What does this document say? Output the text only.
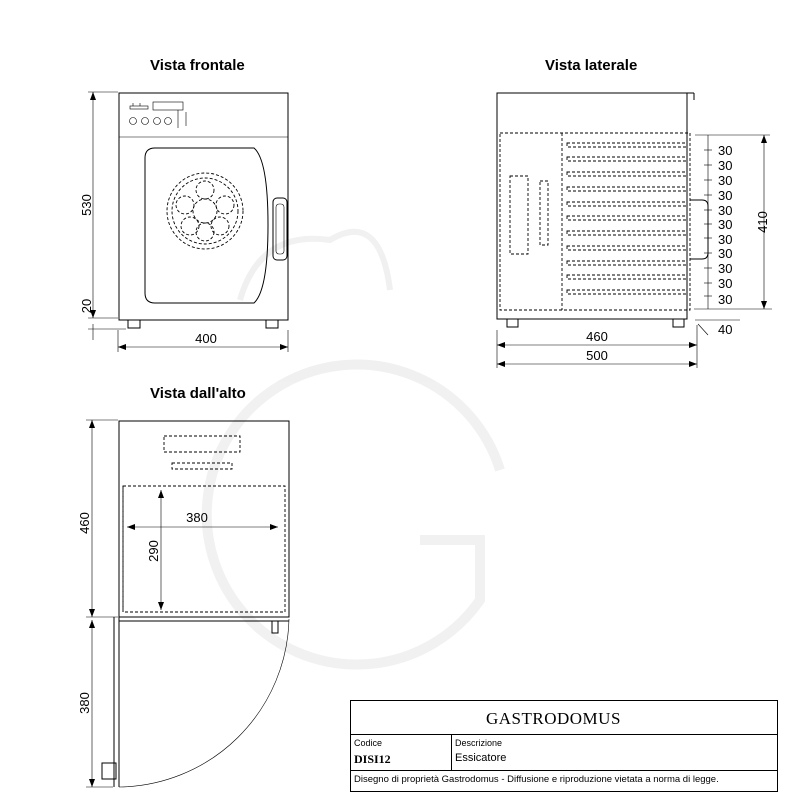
Vista frontale	Vista laterale
Vista dall'alto
530
20
400
30
30
30
30
30
30
30
30
30
30
30
410
40
460
500
380
290
460
380
GASTRODOMUS
Codice
DISI12
Descrizione
Essicatore
Disegno di proprietà Gastrodomus - Diffusione e riproduzione vietata a norma di legge.
